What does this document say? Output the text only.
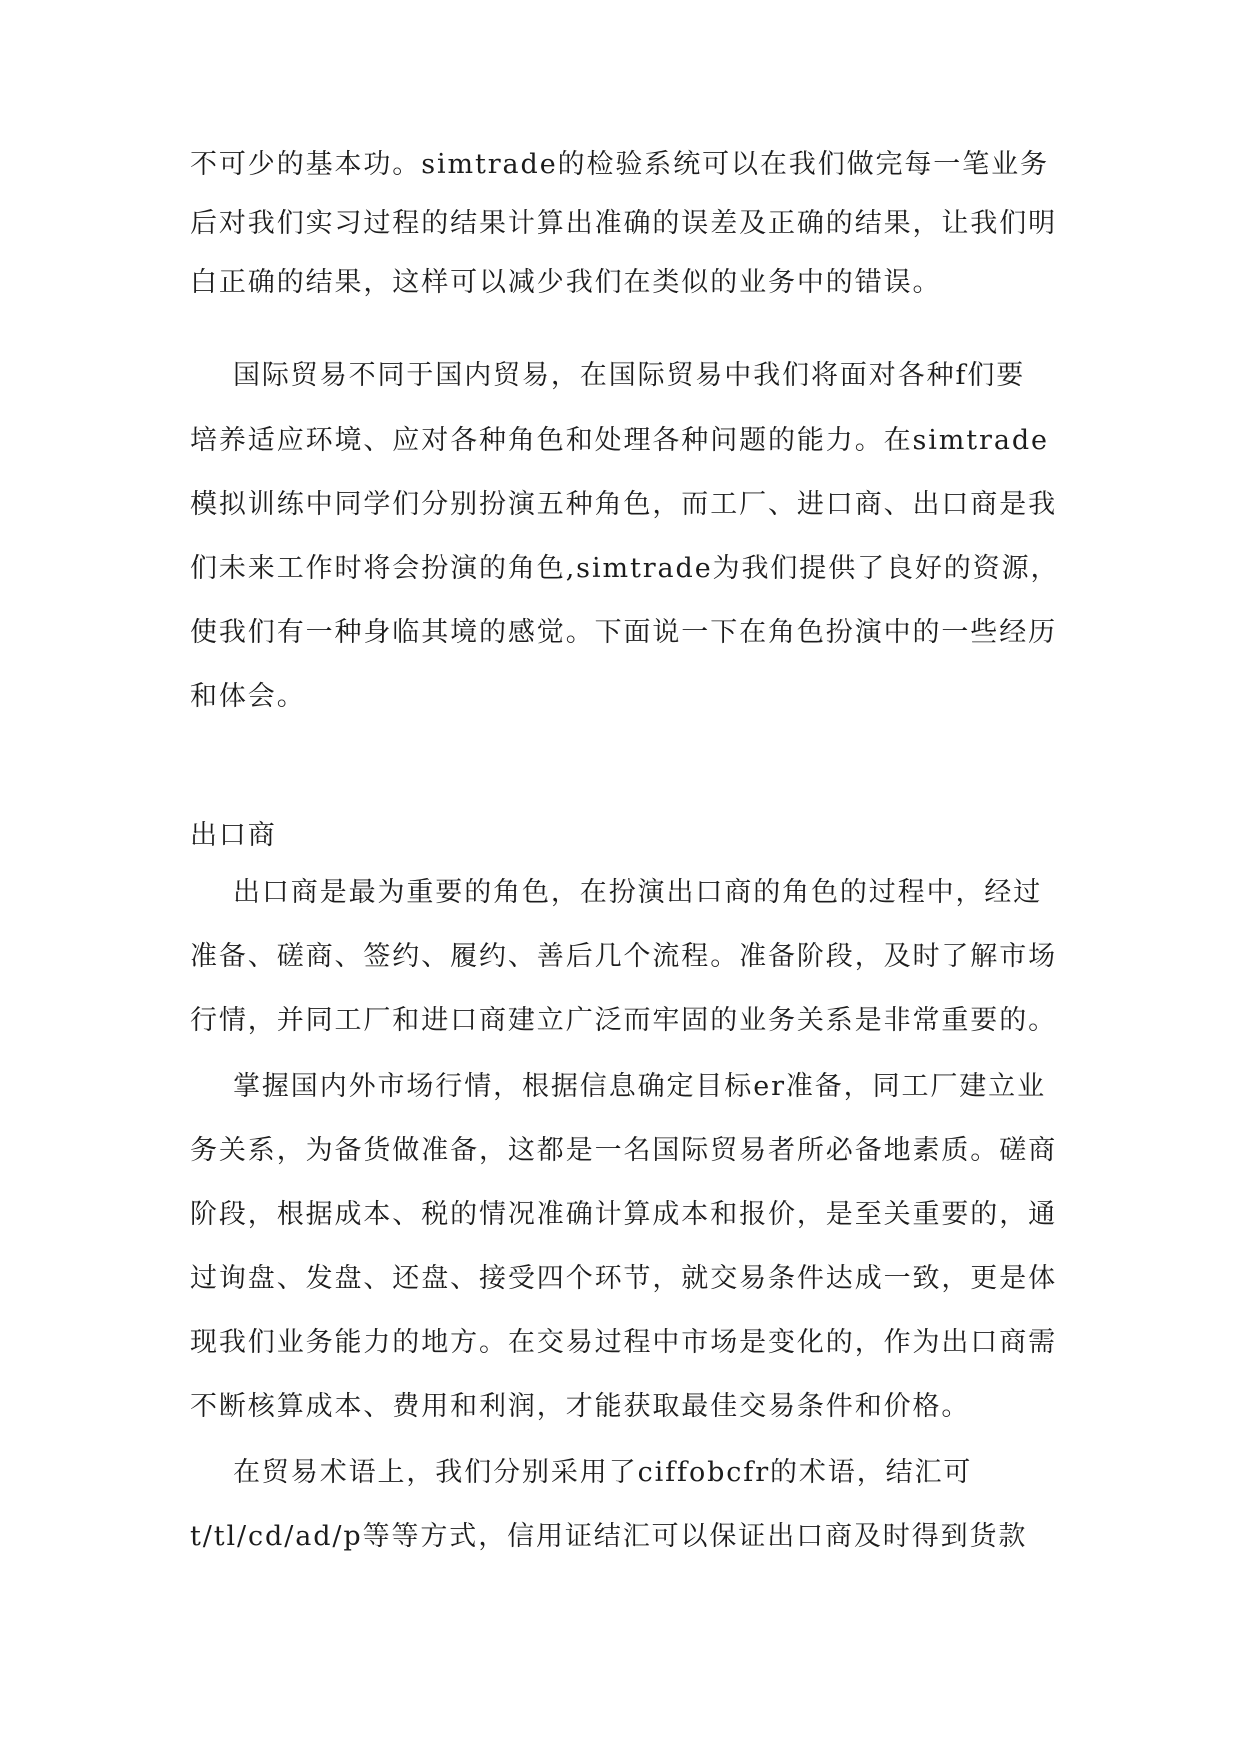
不可少的基本功。simtrade的检验系统可以在我们做完每一笔业务
后对我们实习过程的结果计算出准确的误差及正确的结果，让我们明
白正确的结果，这样可以减少我们在类似的业务中的错误。
国际贸易不同于国内贸易，在国际贸易中我们将面对各种f们要
培养适应环境、应对各种角色和处理各种问题的能力。在simtrade
模拟训练中同学们分别扮演五种角色，而工厂、进口商、出口商是我
们未来工作时将会扮演的角色,simtrade为我们提供了良好的资源，
使我们有一种身临其境的感觉。下面说一下在角色扮演中的一些经历
和体会。
出口商
出口商是最为重要的角色，在扮演出口商的角色的过程中，经过
准备、磋商、签约、履约、善后几个流程。准备阶段，及时了解市场
行情，并同工厂和进口商建立广泛而牢固的业务关系是非常重要的。
掌握国内外市场行情，根据信息确定目标er准备，同工厂建立业
务关系，为备货做准备，这都是一名国际贸易者所必备地素质。磋商
阶段，根据成本、税的情况准确计算成本和报价，是至关重要的，通
过询盘、发盘、还盘、接受四个环节，就交易条件达成一致，更是体
现我们业务能力的地方。在交易过程中市场是变化的，作为出口商需
不断核算成本、费用和利润，才能获取最佳交易条件和价格。
在贸易术语上，我们分别采用了ciffobcfr的术语，结汇可
t/tl/cd/ad/p等等方式，信用证结汇可以保证出口商及时得到货款
